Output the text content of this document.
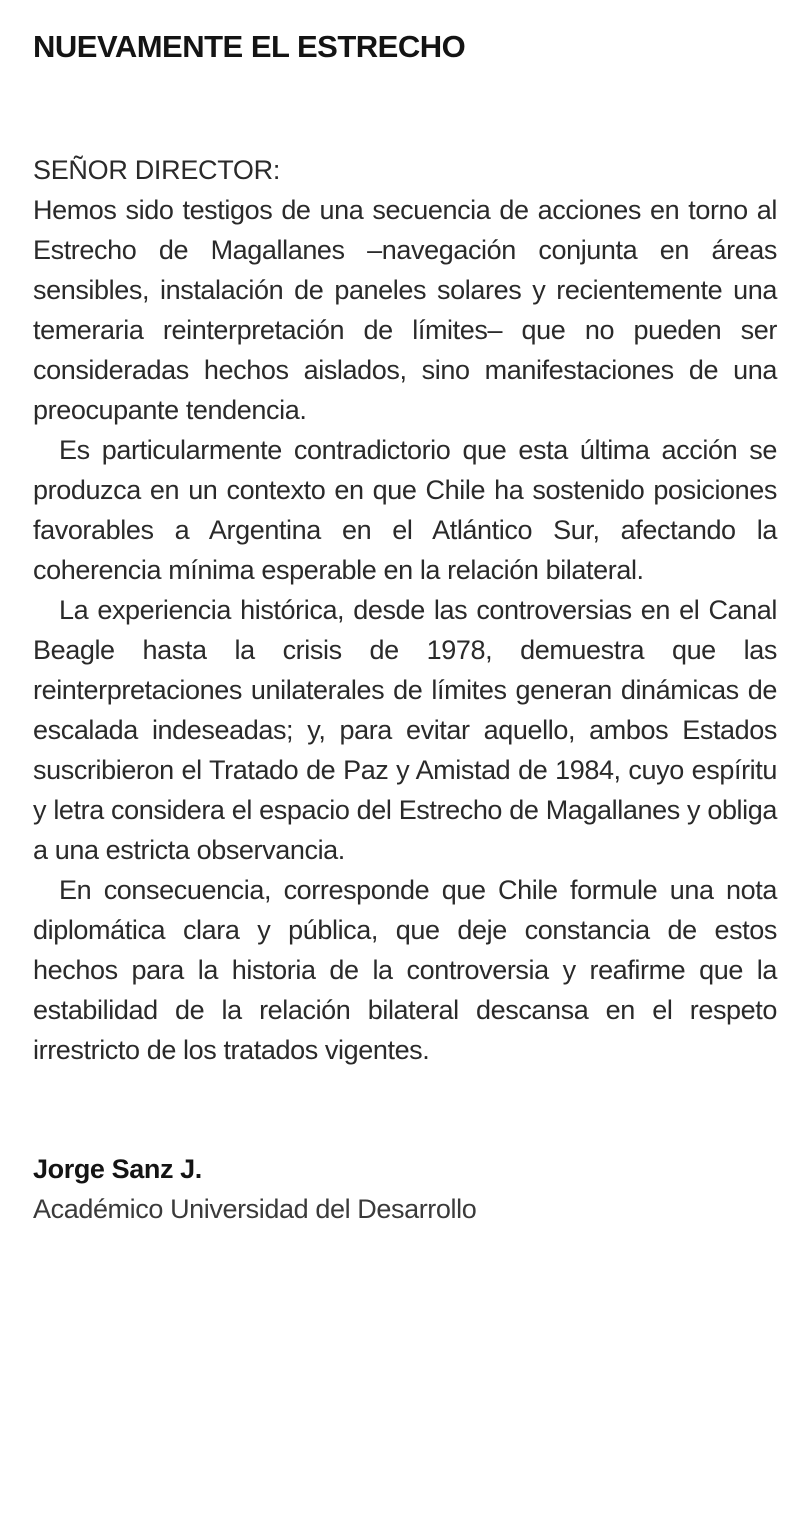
NUEVAMENTE EL ESTRECHO
SEÑOR DIRECTOR:

Hemos sido testigos de una secuencia de acciones en torno al Estrecho de Magallanes –navegación conjunta en áreas sensibles, instalación de paneles solares y recientemente una temeraria reinterpretación de límites– que no pueden ser consideradas hechos aislados, sino manifestaciones de una preocupante tendencia.

Es particularmente contradictorio que esta última acción se produzca en un contexto en que Chile ha sostenido posiciones favorables a Argentina en el Atlántico Sur, afectando la coherencia mínima esperable en la relación bilateral.

La experiencia histórica, desde las controversias en el Canal Beagle hasta la crisis de 1978, demuestra que las reinterpretaciones unilaterales de límites generan dinámicas de escalada indeseadas; y, para evitar aquello, ambos Estados suscribieron el Tratado de Paz y Amistad de 1984, cuyo espíritu y letra considera el espacio del Estrecho de Magallanes y obliga a una estricta observancia.

En consecuencia, corresponde que Chile formule una nota diplomática clara y pública, que deje constancia de estos hechos para la historia de la controversia y reafirme que la estabilidad de la relación bilateral descansa en el respeto irrestricto de los tratados vigentes.

Jorge Sanz J.

Académico Universidad del Desarrollo
